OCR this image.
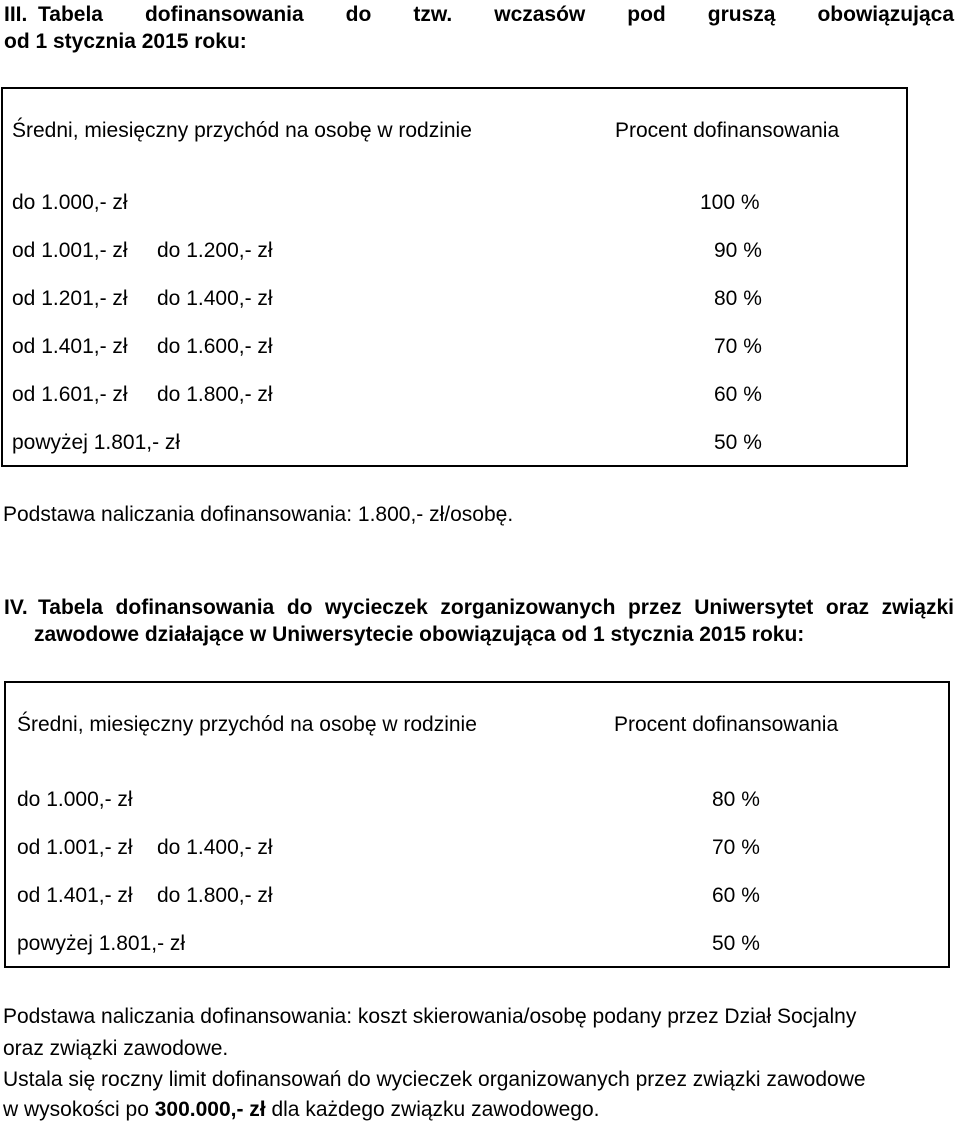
III. Tabela dofinansowania do tzw. wczasów pod gruszą obowiązująca
od 1 stycznia 2015 roku:
Średni, miesięczny przychód na osobę w rodzinie	Procent dofinansowania
do 1.000,- zł	100 %
od 1.001,- zł do 1.200,- zł	90 %
od 1.201,- zł do 1.400,- zł	80 %
od 1.401,- zł do 1.600,- zł	70 %
od 1.601,- zł do 1.800,- zł	60 %
powyżej 1.801,- zł	50 %
Podstawa naliczania dofinansowania: 1.800,- zł/osobę.
IV. Tabela dofinansowania do wycieczek zorganizowanych przez Uniwersytet oraz związki
zawodowe działające w Uniwersytecie obowiązująca od 1 stycznia 2015 roku:
Średni, miesięczny przychód na osobę w rodzinie	Procent dofinansowania
do 1.000,- zł	80 %
od 1.001,- zł do 1.400,- zł	70 %
od 1.401,- zł do 1.800,- zł	60 %
powyżej 1.801,- zł	50 %
Podstawa naliczania dofinansowania: koszt skierowania/osobę podany przez Dział Socjalny
oraz związki zawodowe.
Ustala się roczny limit dofinansowań do wycieczek organizowanych przez związki zawodowe
w wysokości po 300.000,- zł dla każdego związku zawodowego.
